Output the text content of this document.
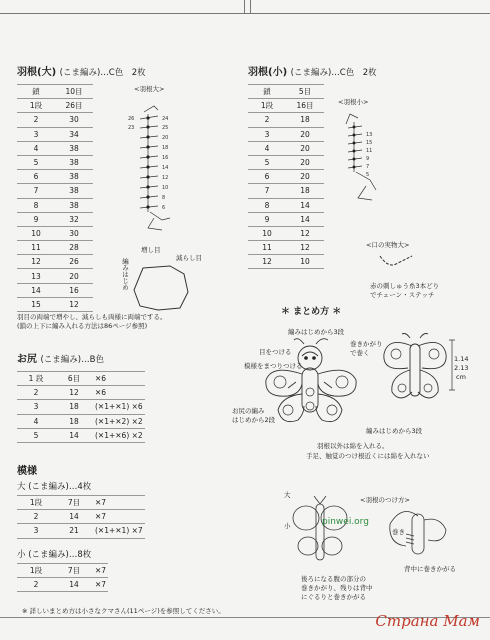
羽根(大) (こま編み)…C色　2枚
鎖	10目
1段	26目
2	30
3	34
4	38
5	38
6	38
7	38
8	38
9	32
10	30
11	28
12	26
13	20
14	16
15	12
<羽根大>
24
25
20
18
16
14
12
10
8
6
26
23
増し目
減らし目
編みはじめ
羽目の両端で増やし、減らしも両様に両端でする。
(鎖の上下に編み入れる方法は86ページ参照)
羽根(小) (こま編み)…C色　2枚
鎖	5目
1段	16目
2	18
3	20
4	20
5	20
6	20
7	18
8	14
9	14
10	12
11	12
12	10
<羽根小>
13
15
11
9
7
5
<口の実物大>
赤の刺しゅう糸3本どり
でチェーン・ステッチ
お尻 (こま編み)…B色
1 段	6目	✕6
2	12	✕6
3	18	(✕1+✕1) ×6
4	18	(✕1+✕2) ×2
5	14	(✕1+✕6) ×2
模様
大 (こま編み)…4枚
1段	7目	✕7
2	14	✕7
3	21	(✕1+✕1) ×7
小 (こま編み)…8枚
1段	7目	✕7
2	14	✕7
＊ まとめ方 ＊
編みはじめから3段
目をつける
巻きかがり
で巻く
模様をまつりつける
お尻の編み
はじめから2段
編みはじめから3段
1.14
2.13
cm
羽根以外は綿を入れる。
手足、触覚のつけ根近くには綿を入れない
大
小
<羽根のつけ方>
巻き
後ろになる腹の部分の
巻きかがり、残りは背中
にぐるりと巻きかがる
背中に巻きかがる
pinwei.org
※ 詳しいまとめ方は小さなクマさん(11ページ)を参照してください。
Страна Мам
